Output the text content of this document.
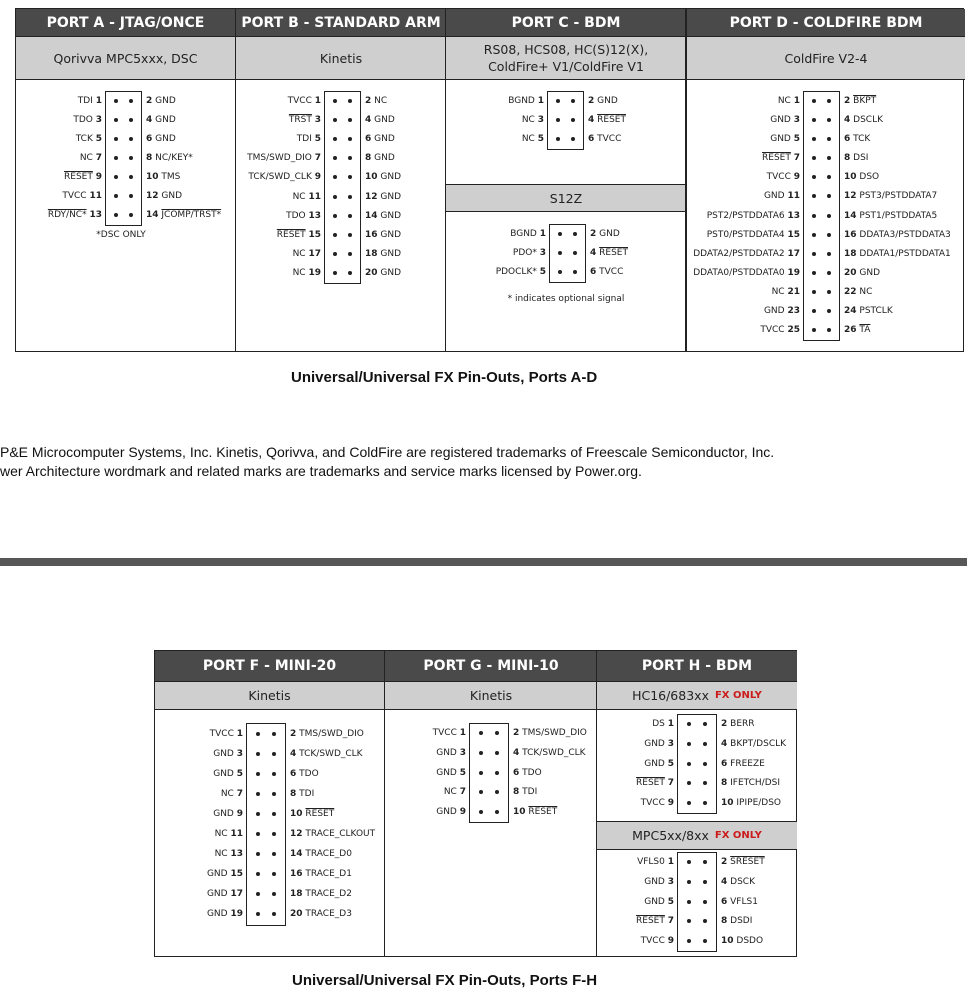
PORT A - JTAG/ONCE
Qorivva MPC5xxx, DSC
TDI 1	2 GND
TDO 3	4 GND
TCK 5	6 GND
NC 7	8 NC/KEY*
RESET 9	10 TMS
TVCC 11	12 GND
RDY/NC* 13	14 JCOMP/TRST*
*DSC ONLY
PORT B - STANDARD ARM
Kinetis
TVCC 1	2 NC
TRST 3	4 GND
TDI 5	6 GND
TMS/SWD_DIO 7	8 GND
TCK/SWD_CLK 9	10 GND
NC 11	12 GND
TDO 13	14 GND
RESET 15	16 GND
NC 17	18 GND
NC 19	20 GND
PORT C - BDM
RS08, HCS08, HC(S)12(X),
ColdFire+ V1/ColdFire V1
BGND 1	2 GND
NC 3	4 RESET
NC 5	6 TVCC
S12Z
BGND 1	2 GND
PDO* 3	4 RESET
PDOCLK* 5	6 TVCC
* indicates optional signal
PORT D - COLDFIRE BDM
ColdFire V2-4
NC 1	2 BKPT
GND 3	4 DSCLK
GND 5	6 TCK
RESET 7	8 DSI
TVCC 9	10 DSO
GND 11	12 PST3/PSTDDATA7
PST2/PSTDDATA6 13	14 PST1/PSTDDATA5
PST0/PSTDDATA4 15	16 DDATA3/PSTDDATA3
DDATA2/PSTDDATA2 17	18 DDATA1/PSTDDATA1
DDATA0/PSTDDATA0 19	20 GND
NC 21	22 NC
GND 23	24 PSTCLK
TVCC 25	26 $\overline{TA}$
Universal/Universal FX Pin-Outs, Ports A-D
P&E Microcomputer Systems, Inc. Kinetis, Qorivva, and ColdFire are registered trademarks of Freescale Semiconductor, Inc.
wer Architecture wordmark and related marks are trademarks and service marks licensed by Power.org.
PORT F - MINI-20
Kinetis
TVCC 1	2 TMS/SWD_DIO
GND 3	4 TCK/SWD_CLK
GND 5	6 TDO
NC 7	8 TDI
GND 9	10 RESET
NC 11	12 TRACE_CLKOUT
NC 13	14 TRACE_D0
GND 15	16 TRACE_D1
GND 17	18 TRACE_D2
GND 19	20 TRACE_D3
PORT G - MINI-10
Kinetis
TVCC 1	2 TMS/SWD_DIO
GND 3	4 TCK/SWD_CLK
GND 5	6 TDO
NC 7	8 TDI
GND 9	10 RESET
PORT H - BDM
HC16/683xx FX ONLY
DS 1	2 BERR
GND 3	4 BKPT/DSCLK
GND 5	6 FREEZE
RESET 7	8 IFETCH/DSI
TVCC 9	10 IPIPE/DSO
MPC5xx/8xx FX ONLY
VFLS0 1	2 SRESET
GND 3	4 DSCK
GND 5	6 VFLS1
RESET 7	8 DSDI
TVCC 9	10 DSDO
Universal/Universal FX Pin-Outs, Ports F-H
